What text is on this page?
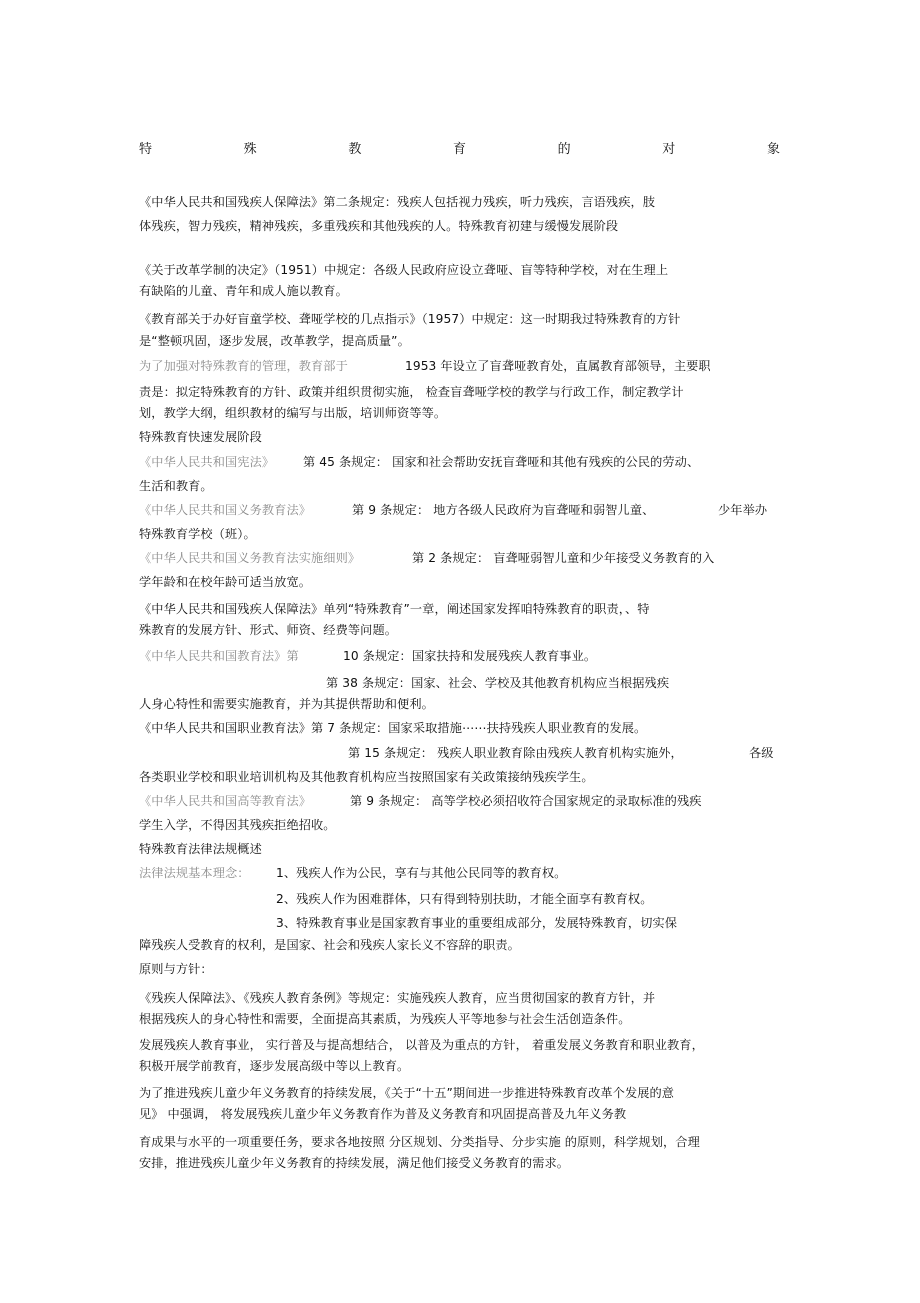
特	殊	教	育	的	对	象
《中华人民共和国残疾人保障法》第二条规定：残疾人包括视力残疾，听力残疾，言语残疾，肢
体残疾，智力残疾，精神残疾，多重残疾和其他残疾的人。特殊教育初建与缓慢发展阶段
《关于改革学制的决定》（1951）中规定：各级人民政府应设立聋哑、盲等特种学校，对在生理上
有缺陷的儿童、青年和成人施以教育。
《教育部关于办好盲童学校、聋哑学校的几点指示》（1957）中规定：这一时期我过特殊教育的方针
是“整顿巩固，逐步发展，改革教学，提高质量”。
为了加强对特殊教育的管理，教育部于	1953 年设立了盲聋哑教育处，直属教育部领导，主要职
责是：拟定特殊教育的方针、政策并组织贯彻实施， 检查盲聋哑学校的教学与行政工作，制定教学计
划，教学大纲，组织教材的编写与出版，培训师资等等。
特殊教育快速发展阶段
《中华人民共和国宪法》 第 45 条规定： 国家和社会帮助安抚盲聋哑和其他有残疾的公民的劳动、
生活和教育。
《中华人民共和国义务教育法》	第 9 条规定： 地方各级人民政府为盲聋哑和弱智儿童、	少年举办
特殊教育学校（班）。
《中华人民共和国义务教育法实施细则》	第 2 条规定： 盲聋哑弱智儿童和少年接受义务教育的入
学年龄和在校年龄可适当放宽。
《中华人民共和国残疾人保障法》单列“特殊教育”一章，阐述国家发挥咱特殊教育的职责，、特
殊教育的发展方针、形式、师资、经费等问题。
《中华人民共和国教育法》第	10 条规定：国家扶持和发展残疾人教育事业。
第 38 条规定：国家、社会、学校及其他教育机构应当根据残疾
人身心特性和需要实施教育，并为其提供帮助和便利。
《中华人民共和国职业教育法》第 7 条规定：国家采取措施⋯⋯扶持残疾人职业教育的发展。
第 15 条规定： 残疾人职业教育除由残疾人教育机构实施外，	各级
各类职业学校和职业培训机构及其他教育机构应当按照国家有关政策接纳残疾学生。
《中华人民共和国高等教育法》	第 9 条规定： 高等学校必须招收符合国家规定的录取标准的残疾
学生入学，不得因其残疾拒绝招收。
特殊教育法律法规概述
法律法规基本理念： 1、残疾人作为公民，享有与其他公民同等的教育权。
2、残疾人作为困难群体，只有得到特别扶助，才能全面享有教育权。
3、特殊教育事业是国家教育事业的重要组成部分，发展特殊教育，切实保
障残疾人受教育的权利，是国家、社会和残疾人家长义不容辞的职责。
原则与方针：
《残疾人保障法》、《残疾人教育条例》等规定：实施残疾人教育，应当贯彻国家的教育方针，并
根据残疾人的身心特性和需要，全面提高其素质，为残疾人平等地参与社会生活创造条件。
发展残疾人教育事业， 实行普及与提高想结合， 以普及为重点的方针， 着重发展义务教育和职业教育，
积极开展学前教育，逐步发展高级中等以上教育。
为了推进残疾儿童少年义务教育的持续发展，《关于“十五”期间进一步推进特殊教育改革个发展的意
见》 中强调， 将发展残疾儿童少年义务教育作为普及义务教育和巩固提高普及九年义务教
育成果与水平的一项重要任务，要求各地按照 分区规划、分类指导、分步实施 的原则，科学规划，合理
安排，推进残疾儿童少年义务教育的持续发展，满足他们接受义务教育的需求。
